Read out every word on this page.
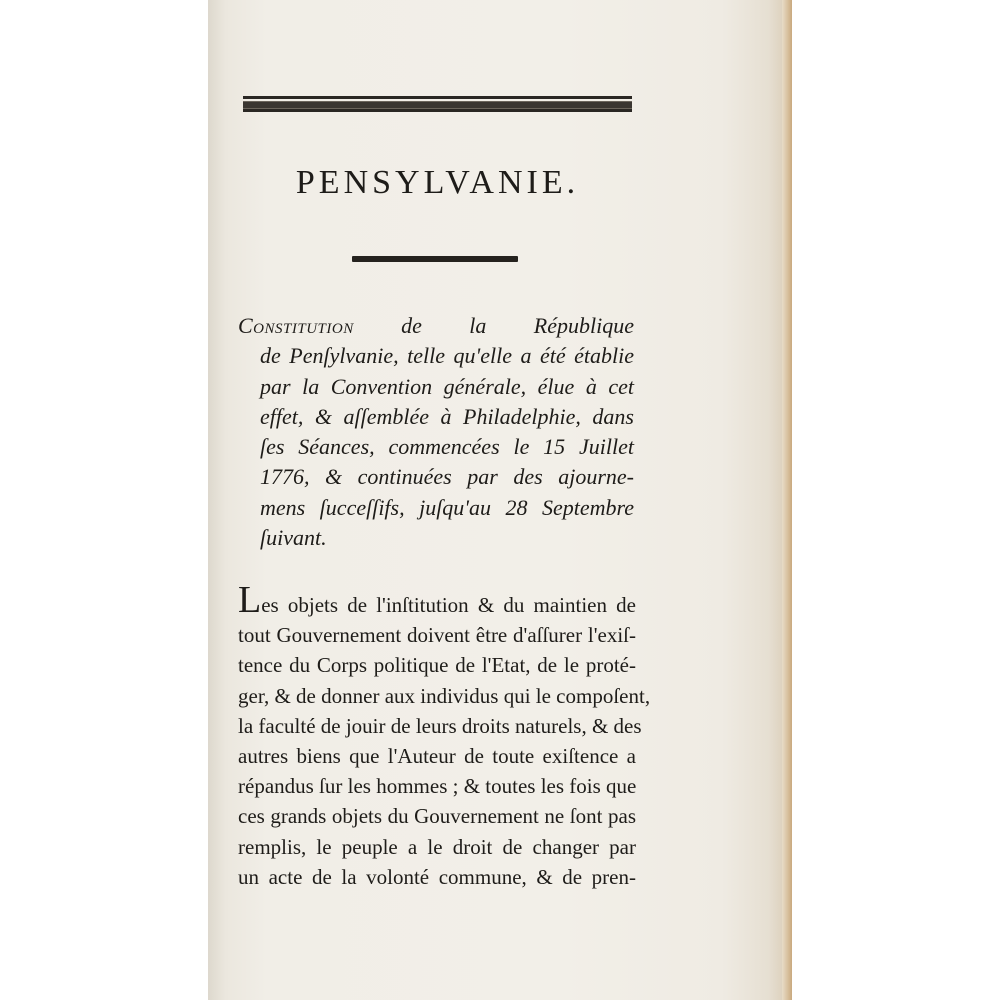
PENSYLVANIE.
Constitution de la République
de Penſylvanie, telle qu'elle a été établie
par la Convention générale, élue à cet
effet, & aſſemblée à Philadelphie, dans
ſes Séances, commencées le 15 Juillet
1776, & continuées par des ajourne-
mens ſucceſſifs, juſqu'au 28 Septembre
ſuivant.
Les objets de l'inſtitution & du maintien de
tout Gouvernement doivent être d'aſſurer l'exiſ-
tence du Corps politique de l'Etat, de le proté-
ger, & de donner aux individus qui le compoſent,
la faculté de jouir de leurs droits naturels, & des
autres biens que l'Auteur de toute exiſtence a
répandus ſur les hommes ; & toutes les fois que
ces grands objets du Gouvernement ne ſont pas
remplis, le peuple a le droit de changer par
un acte de la volonté commune, & de pren-
